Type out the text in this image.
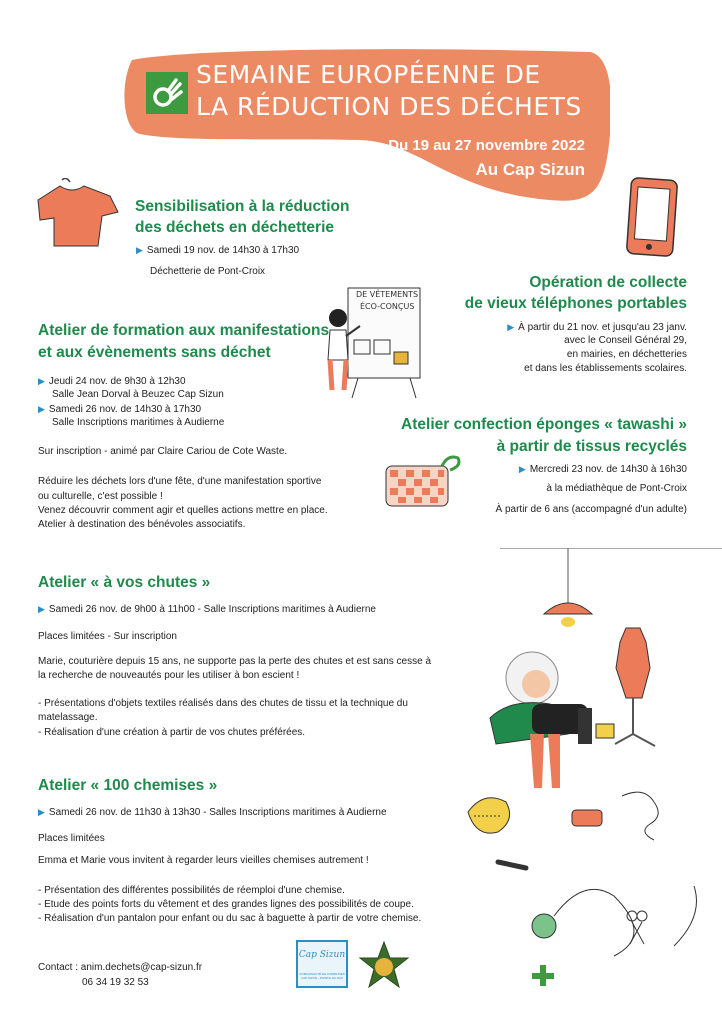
SEMAINE EUROPÉENNE DE
LA RÉDUCTION DES DÉCHETS
Du 19 au 27 novembre 2022
Au Cap Sizun
Sensibilisation à la réduction
des déchets en déchetterie
▶ Samedi 19 nov. de 14h30 à 17h30
Déchetterie de Pont-Croix
Opération de collecte
de vieux téléphones portables
▶ À partir du 21 nov. et jusqu'au 23 janv.
avec le Conseil Général 29,
en mairies, en déchetteries
et dans les établissements scolaires.
DE VÊTEMENTS
ÉCO-CONÇUS
Atelier de formation aux manifestations
et aux évènements sans déchet
▶ Jeudi 24 nov. de 9h30 à 12h30
Salle Jean Dorval à Beuzec Cap Sizun
▶ Samedi 26 nov. de 14h30 à 17h30
Salle Inscriptions maritimes à Audierne
Sur inscription - animé par Claire Cariou de Cote Waste.
Réduire les déchets lors d'une fête, d'une manifestation sportive
ou culturelle, c'est possible !
Venez découvrir comment agir et quelles actions mettre en place.
Atelier à destination des bénévoles associatifs.
Atelier confection éponges « tawashi »
à partir de tissus recyclés
▶ Mercredi 23 nov. de 14h30 à 16h30
à la médiathèque de Pont-Croix
À partir de 6 ans (accompagné d'un adulte)
Atelier « à vos chutes »
▶ Samedi 26 nov. de 9h00 à 11h00 - Salle Inscriptions maritimes à Audierne
Places limitées - Sur inscription
Marie, couturière depuis 15 ans, ne supporte pas la perte des chutes et est sans cesse à
la recherche de nouveautés pour les utiliser à bon escient !
- Présentations d'objets textiles réalisés dans des chutes de tissu et la technique du
matelassage.
- Réalisation d'une création à partir de vos chutes préférées.
Atelier « 100 chemises »
▶ Samedi 26 nov. de 11h30 à 13h30 - Salles Inscriptions maritimes à Audierne
Places limitées
Emma et Marie vous invitent à regarder leurs vieilles chemises autrement !
- Présentation des différentes possibilités de réemploi d'une chemise.
- Etude des points forts du vêtement et des grandes lignes des possibilités de coupe.
- Réalisation d'un pantalon pour enfant ou du sac à baguette à partir de votre chemise.
Contact : anim.dechets@cap-sizun.fr
06 34 19 32 53
Cap Sizun
COMMUNAUTÉ DE COMMUNES
CAP SIZUN - POINTE DU RAZ
